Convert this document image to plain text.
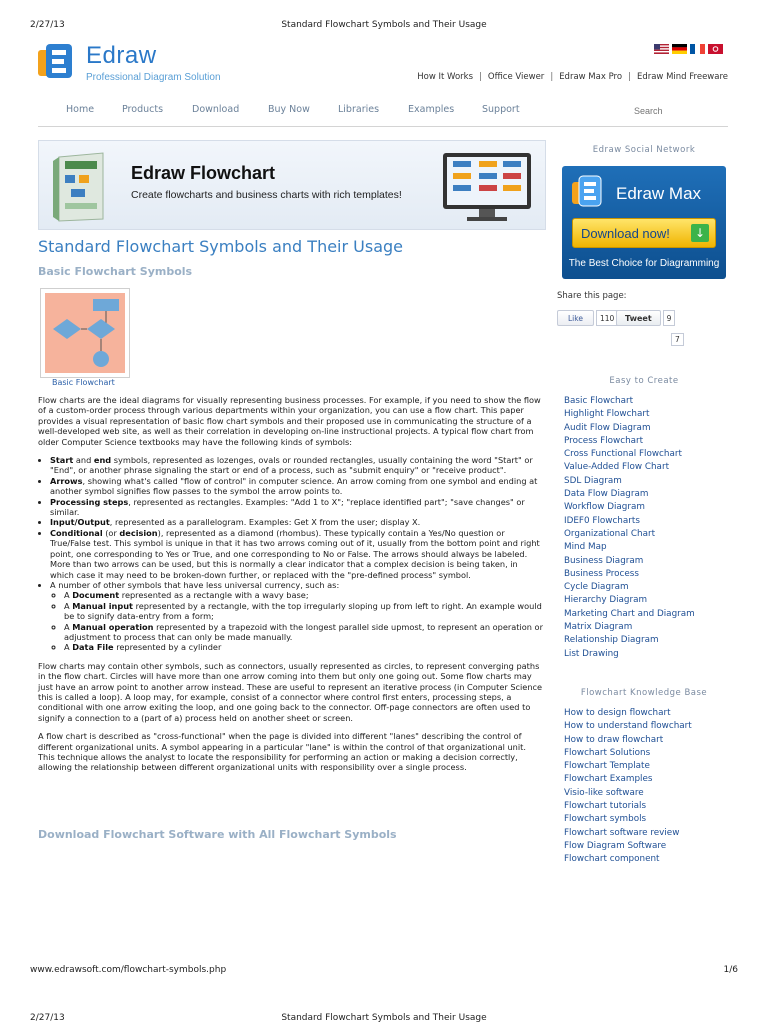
2/27/13	Standard Flowchart Symbols and Their Usage
Edraw
Professional Diagram Solution	How It Works | Office Viewer | Edraw Max Pro | Edraw Mind Freeware
Home	Products	Download	Buy Now	Libraries	Examples	Support
Search
Edraw Flowchart
Create flowcharts and business charts with rich templates!
Standard Flowchart Symbols and Their Usage
Basic Flowchart Symbols
Basic Flowchart

Flow charts are the ideal diagrams for visually representing business processes. For example, if you need to show the flow of a custom-order process through various departments within your organization, you can use a flow chart. This paper provides a visual representation of basic flow chart symbols and their proposed use in communicating the structure of a well-developed web site, as well as their correlation in developing on-line instructional projects. A typical flow chart from older Computer Science textbooks may have the following kinds of symbols:

• Start and end symbols, represented as lozenges, ovals or rounded rectangles, usually containing the word "Start" or "End", or another phrase signaling the start or end of a process, such as "submit enquiry" or "receive product".
• Arrows, showing what's called "flow of control" in computer science. An arrow coming from one symbol and ending at another symbol signifies flow passes to the symbol the arrow points to.
• Processing steps, represented as rectangles. Examples: "Add 1 to X"; "replace identified part"; "save changes" or similar.
• Input/Output, represented as a parallelogram. Examples: Get X from the user; display X.
• Conditional (or decision), represented as a diamond (rhombus). These typically contain a Yes/No question or True/False test. This symbol is unique in that it has two arrows coming out of it, usually from the bottom point and right point, one corresponding to Yes or True, and one corresponding to No or False. The arrows should always be labeled. More than two arrows can be used, but this is normally a clear indicator that a complex decision is being taken, in which case it may need to be broken-down further, or replaced with the "pre-defined process" symbol.
• A number of other symbols that have less universal currency, such as:
◦ A Document represented as a rectangle with a wavy base;
◦ A Manual input represented by a rectangle, with the top irregularly sloping up from left to right. An example would be to signify data-entry from a form;
◦ A Manual operation represented by a trapezoid with the longest parallel side upmost, to represent an operation or adjustment to process that can only be made manually.
◦ A Data File represented by a cylinder

Flow charts may contain other symbols, such as connectors, usually represented as circles, to represent converging paths in the flow chart. Circles will have more than one arrow coming into them but only one going out. Some flow charts may just have an arrow point to another arrow instead. These are useful to represent an iterative process (in Computer Science this is called a loop). A loop may, for example, consist of a connector where control first enters, processing steps, a conditional with one arrow exiting the loop, and one going back to the connector. Off-page connectors are often used to signify a connection to a (part of a) process held on another sheet or screen.

A flow chart is described as "cross-functional" when the page is divided into different "lanes" describing the control of different organizational units. A symbol appearing in a particular "lane" is within the control of that organizational unit. This technique allows the analyst to locate the responsibility for performing an action or making a decision correctly, allowing the relationship between different organizational units with responsibility over a single process.

Download Flowchart Software with All Flowchart Symbols
Edraw Social Network
Edraw Max
Download now!	↓
The Best Choice for Diagramming
Share this page:
Like	110	Tweet	9
7
Easy to Create
Basic Flowchart
Highlight Flowchart
Audit Flow Diagram
Process Flowchart
Cross Functional Flowchart
Value-Added Flow Chart
SDL Diagram
Data Flow Diagram
Workflow Diagram
IDEF0 Flowcharts
Organizational Chart
Mind Map
Business Diagram
Business Process
Cycle Diagram
Hierarchy Diagram
Marketing Chart and Diagram
Matrix Diagram
Relationship Diagram
List Drawing
Flowchart Knowledge Base
How to design flowchart
How to understand flowchart
How to draw flowchart
Flowchart Solutions
Flowchart Template
Flowchart Examples
Visio-like software
Flowchart tutorials
Flowchart symbols
Flowchart software review
Flow Diagram Software
Flowchart component
www.edrawsoft.com/flowchart-symbols.php	1/6
2/27/13	Standard Flowchart Symbols and Their Usage
